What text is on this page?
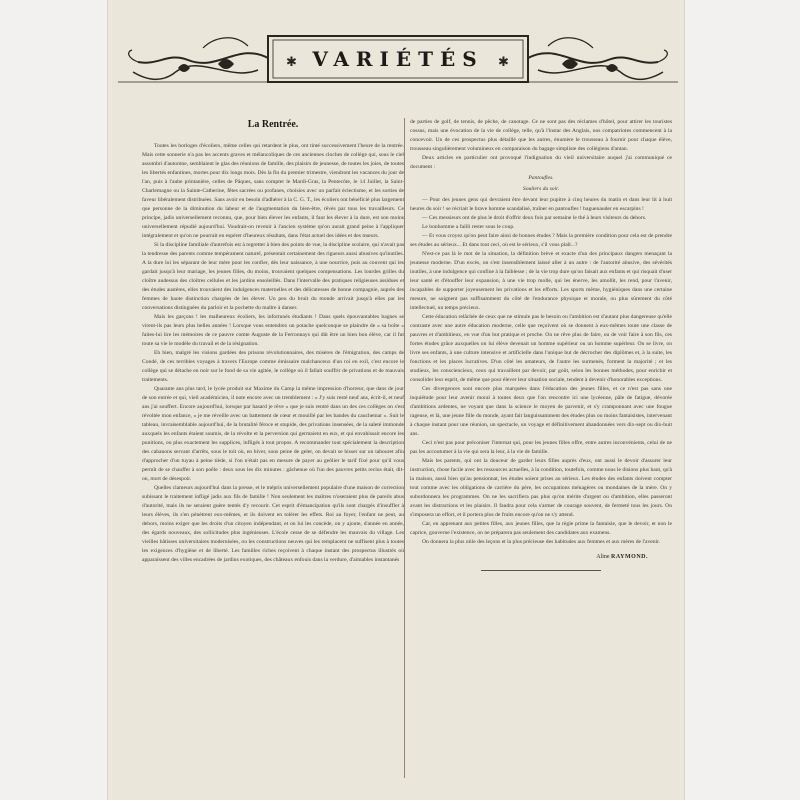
✱	✱
VARIÉTÉS
La Rentrée.

Toutes les horloges d'écoliers, même celles qui retardent le plus, ont tinté successivement l'heure de la rentrée. Mais cette sonnerie n'a pas les accents graves et mélancoliques de ces anciennes cloches de collège qui, sous le ciel assombri d'automne, semblaient le glas des réunions de famille, des plaisirs de jeunesse, de toutes les joies, de toutes les libertés enfantines, mortes pour dix longs mois. Dès la fin du premier trimestre, viendront les vacances du jour de l'an, puis à l'aube printanière, celles de Pâques, sans compter le Mardi-Gras, la Pentecôte, le 14 Juillet, la Saint-Charlemagne ou la Sainte-Catherine, fêtes sacrées ou profanes, choisies avec un parfait éclectisme, et les sorties de faveur libéralement distribuées. Sans avoir eu besoin d'adhérer à la C. G. T., les écoliers ont bénéficié plus largement que personne de la diminution du labeur et de l'augmentation du bien-être, rêvés par tous les travailleurs. Ce principe, jadis universellement reconnu, que, pour bien élever les enfants, il faut les élever à la dure, est son moins universellement répudié aujourd'hui. Voudrait-on revenir à l'ancien système qu'on aurait grand peine à l'appliquer intégralement et qu'on ne pourrait en espérer d'heureux résultats, dans l'état actuel des idées et des mœurs.

Si la discipline familiale d'autrefois est à regretter à bien des points de vue, la discipline scolaire, qui n'avait pas la tendresse des parents comme tempérament naturel, présentait certainement des rigueurs aussi abusives qu'inutiles. A la dure loi les séparant de leur mère pour les confier, dès leur naissance, à une nourrice, puis au couvent qui les gardait jusqu'à leur mariage, les jeunes filles, du moins, trouvaient quelques compensations. Les lourdes grilles du cloître audessus des cloîtres cellules et les jardins ensoleillés. Dans l'intervalle des pratiques religieuses assidues et des études austères, elles trouvaient des indulgences maternelles et des délicatesses de bonne compagnie, auprès des femmes de haute distinction chargées de les élever. Un peu du bruit du monde arrivait jusqu'à elles par les conversations distinguées du parloir et la pochette du maître à danser.

Mais les garçons ! les malheureux écoliers, les infortunés étudiants ! Dans quels épouvantables bagnes se virent-ils pas leurs plus belles années ! Lorsque vous entendrez un potache quelconque se plaindre de « sa boîte » faites-lui lire les mémoires de ce pauvre comte Auguste de la Ferronnays qui dût être un bien bon élève, car il fut toute sa vie le modèle du travail et de la résignation.

Eh bien, malgré les visions gardées des prisons révolutionnaires, des misères de l'émigration, des camps de Condé, de ces terribles voyages à travers l'Europe comme émissaire malchanceux d'un roi en exil, c'est encore le collège qui se détache en noir sur le fond de sa vie agitée, le collège où il fallait souffrir de privations et de mauvais traitements.

Quarante ans plus tard, le lycée produit sur Maxime du Camp la même impression d'horreur, que dans de jour de son entrée et qui, vieil académicien, il note encore avec un tremblement : « J'y suis resté neuf ans, écrit-il, et neuf ans j'ai souffert. Encore aujourd'hui, lorsque par hasard je rêve « que je suis rentré dans un des ces collèges on s'est révoltée mon enfance, « je me réveille avec un battement de cœur et mouillé par les bandes du cauchemar ». Suit le tableau, invraisemblable aujourd'hui, de la brutalité féroce et stupide, des privations insensées, de la saleté immonde auxquels les enfants étaient soumis, de la révolte et la perversion qui germaient en eux, et qui envahissait encore les punitions, ou plus exactement les supplices, infligés à tout propos. A recommander tout spécialement la description des cabanons servant d'arrêts, sous le toit où, en hiver, sous peine de geler, on devait se hisser sur un tabouret afin d'approcher d'un tuyau à peine tiède, si l'on n'était pas en mesure de payer au geôlier le tarif fixé pour qu'il vous permît de se chauffer à son poêle : deux sous les dix minutes : gâchenue où l'un des pauvres petits reclus était, dit-on, mort de désespoir.

Quelles clameurs aujourd'hui dans la presse, et le mépris universellement populaire d'une maison de correction subissant le traitement infligé jadis aux fils de famille ! Non seulement les maîtres n'oseraient plus de pareils abus d'autorité, mais ils ne seraient guère tentés d'y recourir. Cet esprit d'émancipation qu'ils sont chargés d'insuffler à leurs élèves, ils s'en pénètrent eux-mêmes, et ils doivent en tolérer les effets. Roi au foyer, l'enfant ne peut, au dehors, moins exiger que les droits d'un citoyen indépendant, et on lui les concède, on y ajoute, d'année en année, des égards nouveaux, des sollicitudes plus ingénieuses. L'école cesse de se défendre les mauvais du village. Les vieilles bâtisses universitaires modernisées, ou les constructions neuves qui les remplacent ne suffisent plus à toutes les exigences d'hygiène et de liberté. Les familles riches reçoivent à chaque instant des prospectus illustrés où apparaissent des villes encadrées de jardins exotiques, des châteaux enfouis dans la verdure, d'aimables instantanés

de parties de golf, de tennis, de pêche, de canotage. Ce ne sont pas des réclames d'hôtel, pour attirer les touristes cossus, mais une évocation de la vie de collège, telle, qu'à l'instar des Anglais, nos compatriotes commencent à la concevoir. Un de ces prospectus plus détaillé que les autres, énumère le trousseau à fournir pour chaque élève, trousseau singulièrement volumineux en comparaison du bagage simpliste des collégiens d'antan.

Deux articles en particulier ont provoqué l'indignation du vieil universitaire auquel j'ai communiqué ce document :

Pantoufles.

Souliers du soir.

— Pour des jeunes gens qui devraient être devant leur pupitre à cinq heures du matin et dans leur lit à huit heures du soir ! se récriait le brave homme scandalisé, traîner en pantoufles ! baguenauder en escarpins !

— Ces messieurs ont de plus le droit d'offrir deux fois par semaine le thé à leurs visiteurs du dehors.

Le bonhomme a failli rester sous le coup.

— Et vous croyez qu'on peut faire ainsi de bonnes études ? Mais la première condition pour cela est de prendre ses études au sérieux... Et dans tout ceci, où est le sérieux, s'il vous plaît...?

N'est-ce pas là le mot de la situation, la définition brève et exacte d'un des principaux dangers menaçant la jeunesse moderne. D'un excès, on s'est insensiblement laissé aller à un autre : de l'autorité abusive, des sévérités inutiles, à une indulgence qui confine à la faiblesse ; de la vie trop dure qu'on faisait aux enfants et qui risquait d'user leur santé et d'étouffer leur expansion, à une vie trop molle, qui les énerve, les amollit, les rend, pour l'avenir, incapables de supporter joyeusement les privations et les efforts. Les sports même, hygiéniques dans une certaine mesure, ne soignent pas suffisamment du côté de l'endurance physique et morale, ou plus sûrement du côté intellectuel, un temps précieux.

Cette éducation relâchée de ceux que ne stimule pas le besoin ou l'ambition est d'autant plus dangereuse qu'elle contraste avec une autre éducation moderne, celle que reçoivent où se donnent à eux-mêmes toute une classe de pauvres et d'ambitieux, en vue d'un but pratique et proche. On ne rêve plus de faire, ou de voir faire à son fils, ces fortes études grâce auxquelles on lui élève devenait un homme supérieur ou un homme supérieur. On se livre, on livre ses enfants, à une culture intensive et artificielle dans l'unique but de décrocher des diplômes et, à la suite, les fonctions et les places lucratives. D'un côté les amateurs, de l'autre les surmenés, forment la majorité ; et les studieux, les consciencieux, ceux qui travaillent par devoir, par goût, selon les bonnes méthodes, pour enrichir et consolider leur esprit, de même que pour élever leur situation sociale, tendent à devenir d'honorables exceptions.

Ces divergences sont encore plus marquées dans l'éducation des jeunes filles, et ce n'est pas sans une inquiétude pour leur avenir moral à toutes deux que l'on rencontre ici une lycéenne, pâle de fatigue, dévorée d'ambitions ardentes, ne voyant que dans la science le moyen de parvenir, et s'y cramponnant avec une fougue rageuse, et là, une jeune fille du monde, ayant fait languissamment des études plus ou moins fantaisistes, intervenant à chaque instant pour une réunion, un spectacle, un voyage et définitivement abandonnées vers dix-sept ou dix-huit ans.

Ceci n'est pas pour préconiser l'internat qui, pour les jeunes filles offre, entre autres inconvénients, celui de ne pas les accoutumer à la vie qui sera la leur, à la vie de famille.

Mais les parents, qui ont la douceur de garder leurs filles auprès d'eux, ont aussi le devoir d'assurer leur instruction, chose facile avec les ressources actuelles, à la condition, toutefois, comme nous le disions plus haut, qu'à la maison, aussi bien qu'au pensionnat, les études soient prises au sérieux. Les études des enfants doivent compter tout comme avec les obligations de carrière du père, les occupations ménagères ou mondaines de la mère. On y subordonnera les programmes. On ne les sacrifiera pas plus qu'on mérite d'argent ou d'ambition, elles passeront avant les distractions et les plaisirs. Il faudra pour cela s'armer de courage souvent, de fermeté tous les jours. On s'imposera un effort, et il portera plus de fruits encore qu'on ne s'y attend.

Car, en apprenant aux petites filles, aux jeunes filles, que la règle prime la fantaisie, que le devoir, et non le caprice, gouverne l'existence, on ne préparera pas seulement des candidates aux examens.

On donnera la plus utile des leçons et la plus précieuse des habitudes aux femmes et aux mères de l'avenir.

Aline RAYMOND.
